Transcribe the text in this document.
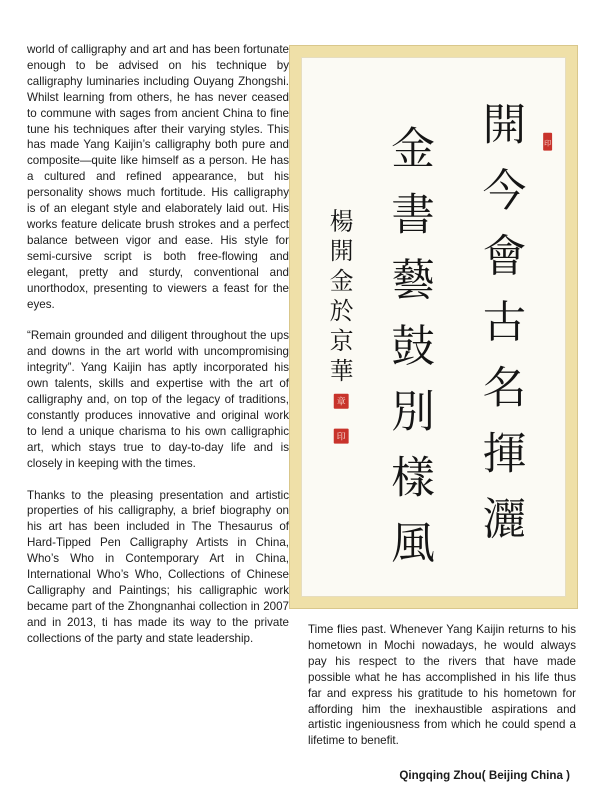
world of calligraphy and art and has been fortunate enough to be advised on his technique by calligraphy luminaries including Ouyang Zhongshi. Whilst learning from others, he has never ceased to commune with sages from ancient China to fine tune his techniques after their varying styles. This has made Yang Kaijin’s calligraphy both pure and composite—quite like himself as a person. He has a cultured and refined appearance, but his personality shows much fortitude. His calligraphy is of an elegant style and elaborately laid out. His works feature delicate brush strokes and a perfect balance between vigor and ease. His style for semi-cursive script is both free-flowing and elegant, pretty and sturdy, conventional and unorthodox, presenting to viewers a feast for the eyes.

“Remain grounded and diligent throughout the ups and downs in the art world with uncompromising integrity”. Yang Kaijin has aptly incorporated his own talents, skills and expertise with the art of calligraphy and, on top of the legacy of traditions, constantly produces innovative and original work to lend a unique charisma to his own calligraphic art, which stays true to day-to-day life and is closely in keeping with the times.

Thanks to the pleasing presentation and artistic properties of his calligraphy, a brief biography on his art has been included in The Thesaurus of Hard-Tipped Pen Calligraphy Artists in China, Who’s Who in Contemporary Art in China, International Who’s Who, Collections of Chinese Calligraphy and Paintings; his calligraphic work became part of the Zhongnanhai collection in 2007 and in 2013, ti has made its way to the private collections of the party and state leadership.

開
今
會
古
名
揮
灑
金
書
藝
鼓
別
樣
風
楊
開
金
於
京
華
印
章
印

Time flies past. Whenever Yang Kaijin returns to his hometown in Mochi nowadays, he would always pay his respect to the rivers that have made possible what he has accomplished in his life thus far and express his gratitude to his hometown for affording him the inexhaustible aspirations and artistic ingeniousness from which he could spend a lifetime to benefit.

Qingqing Zhou( Beijing China )
